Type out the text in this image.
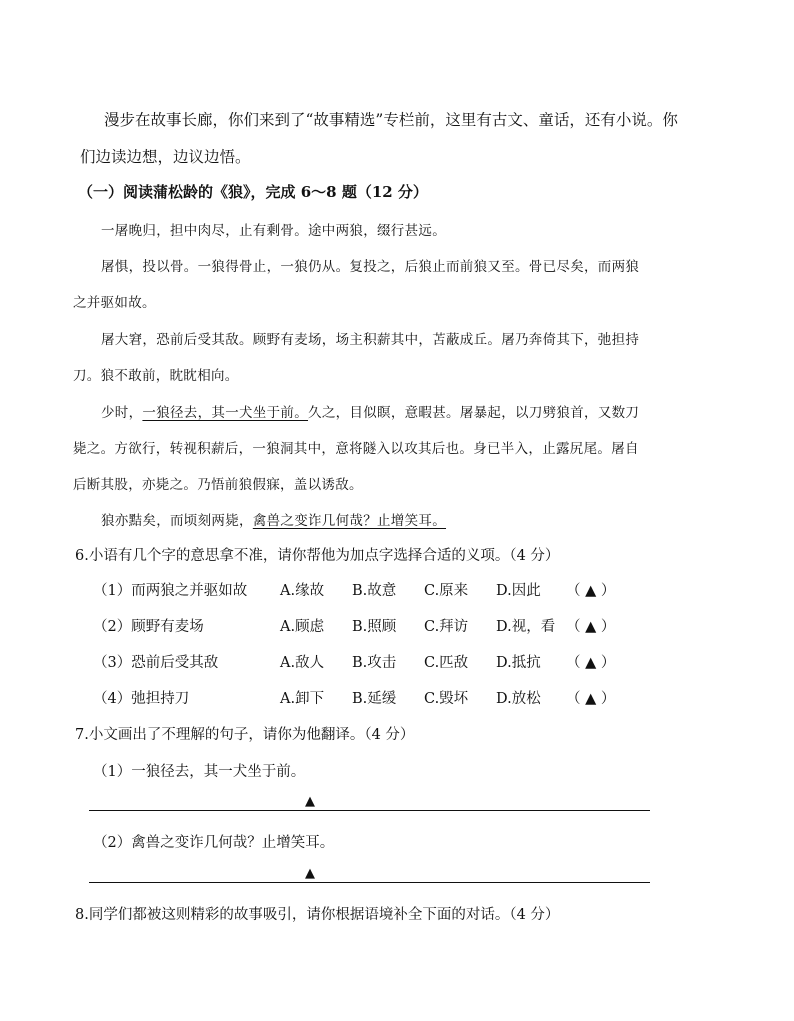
漫步在故事长廊，你们来到了“故事精选”专栏前，这里有古文、童话，还有小说。你
们边读边想，边议边悟。
（一）阅读蒲松龄的《狼》，完成 6～8 题（12 分）
一屠晚归，担中肉尽，止有剩骨。途中两狼，缀行甚远。
屠惧，投以骨。一狼得骨止，一狼仍从。复投之，后狼止而前狼又至。骨已尽矣，而两狼
之并驱如故。
屠大窘，恐前后受其敌。顾野有麦场，场主积薪其中，苫蔽成丘。屠乃奔倚其下，弛担持
刀。狼不敢前，眈眈相向。
少时，一狼径去，其一犬坐于前。久之，目似瞑，意暇甚。屠暴起，以刀劈狼首，又数刀
毙之。方欲行，转视积薪后，一狼洞其中，意将隧入以攻其后也。身已半入，止露尻尾。屠自
后断其股，亦毙之。乃悟前狼假寐，盖以诱敌。
狼亦黠矣，而顷刻两毙，禽兽之变诈几何哉？止增笑耳。
6.小语有几个字的意思拿不准，请你帮他为加点字选择合适的义项。（4 分）
（1）而两狼之并驱如故 A.缘故 B.故意 C.原来 D.因此 （ ▲ ）
（2）顾野有麦场	A.顾虑 B.照顾 C.拜访 D.视，看 （ ▲ ）
（3）恐前后受其敌	A.敌人 B.攻击 C.匹敌 D.抵抗 （ ▲ ）
（4）弛担持刀	A.卸下 B.延缓 C.毁坏 D.放松 （ ▲ ）
7.小文画出了不理解的句子，请你为他翻译。（4 分）
（1）一狼径去，其一犬坐于前。
▲
（2）禽兽之变诈几何哉？止增笑耳。
▲
8.同学们都被这则精彩的故事吸引，请你根据语境补全下面的对话。（4 分）
